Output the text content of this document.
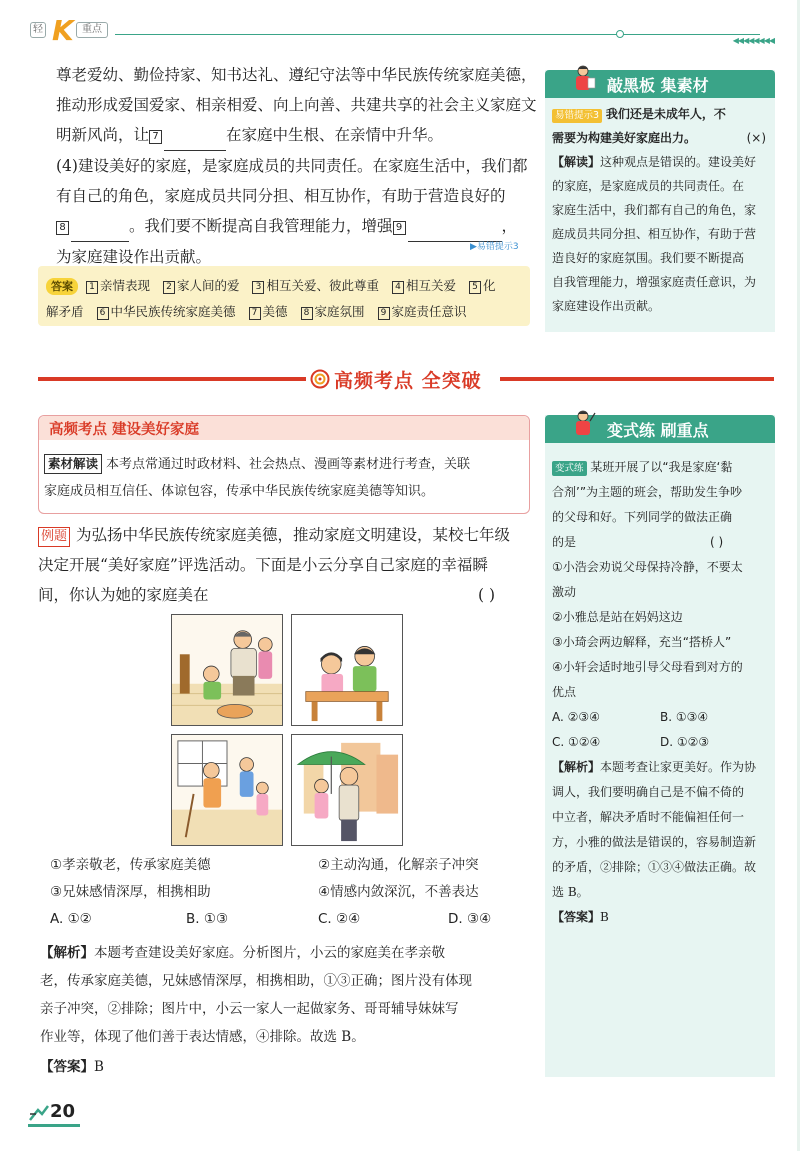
轻 K 重点
◀◀◀◀◀◀◀◀

尊老爱幼、勤俭持家、知书达礼、遵纪守法等中华民族传统家庭美德，

推动形成爱国爱家、相亲相爱、向上向善、共建共享的社会主义家庭文

明新风尚，让 7	在家庭中生根、在亲情中升华。

(4)建设美好的家庭，是家庭成员的共同责任。在家庭生活中，我们都

有自己的角色，家庭成员共同分担、相互协作，有助于营造良好的

8	。我们要不断提高自我管理能力，增强 9	，

为家庭建设作出贡献。

▶易错提示3
答案 1 亲情表现 2 家人间的爱 3 相互关爱、彼此尊重 4 相互关爱 5 化
解矛盾 6 中华民族传统家庭美德 7 美德 8 家庭氛围 9 家庭责任意识
敲黑板 集素材

易错提示3 我们还是未成年人，不

需要为构建美好家庭出力。	(×)

【解读】这种观点是错误的。建设美好

的家庭，是家庭成员的共同责任。在

家庭生活中，我们都有自己的角色，家

庭成员共同分担、相互协作，有助于营

造良好的家庭氛围。我们要不断提高

自我管理能力，增强家庭责任意识，为

家庭建设作出贡献。

高频考点 全突破
高频考点 建设美好家庭

素材解读 本考点常通过时政材料、社会热点、漫画等素材进行考查，关联

家庭成员相互信任、体谅包容，传承中华民族传统家庭美德等知识。

例题 为弘扬中华民族传统家庭美德，推动家庭文明建设，某校七年级

决定开展“美好家庭”评选活动。下面是小云分享自己家庭的幸福瞬

间，你认为她的家庭美在	( )

①孝亲敬老，传承家庭美德	②主动沟通，化解亲子冲突
③兄妹感情深厚，相携相助	④情感内敛深沉，不善表达
A. ①②	B. ①③	C. ②④	D. ③④

【解析】本题考查建设美好家庭。分析图片，小云的家庭美在孝亲敬

老，传承家庭美德，兄妹感情深厚，相携相助，①③正确；图片没有体现

亲子冲突，②排除；图片中，小云一家人一起做家务、哥哥辅导妹妹写

作业等，体现了他们善于表达情感，④排除。故选 B。

【答案】B

变式练 刷重点

变式练 某班开展了以“我是家庭‘黏

合剂’”为主题的班会，帮助发生争吵

的父母和好。下列同学的做法正确

的是	( )

①小浩会劝说父母保持冷静，不要太

激动

②小雅总是站在妈妈这边

③小琦会两边解释，充当“搭桥人”

④小轩会适时地引导父母看到对方的

优点

A. ②③④	B. ①③④
C. ①②④	D. ①②③

【解析】本题考查让家更美好。作为协

调人，我们要明确自己是不偏不倚的

中立者，解决矛盾时不能偏袒任何一

方，小雅的做法是错误的，容易制造新

的矛盾，②排除；①③④做法正确。故

选 B。

【答案】B

20
